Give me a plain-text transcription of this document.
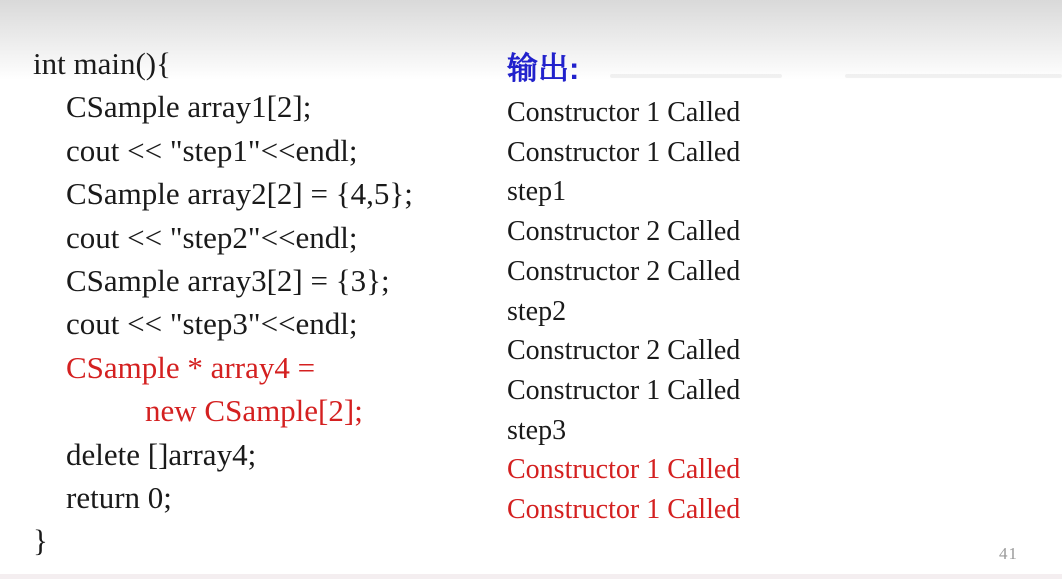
int main(){
CSample array1[2];
cout << "step1"<<endl;
CSample array2[2] = {4,5};
cout << "step2"<<endl;
CSample array3[2] = {3};
cout << "step3"<<endl;
CSample * array4 =
new CSample[2];
delete []array4;
return 0;
}
输出:
Constructor 1 Called
Constructor 1 Called
step1
Constructor 2 Called
Constructor 2 Called
step2
Constructor 2 Called
Constructor 1 Called
step3
Constructor 1 Called
Constructor 1 Called
41
